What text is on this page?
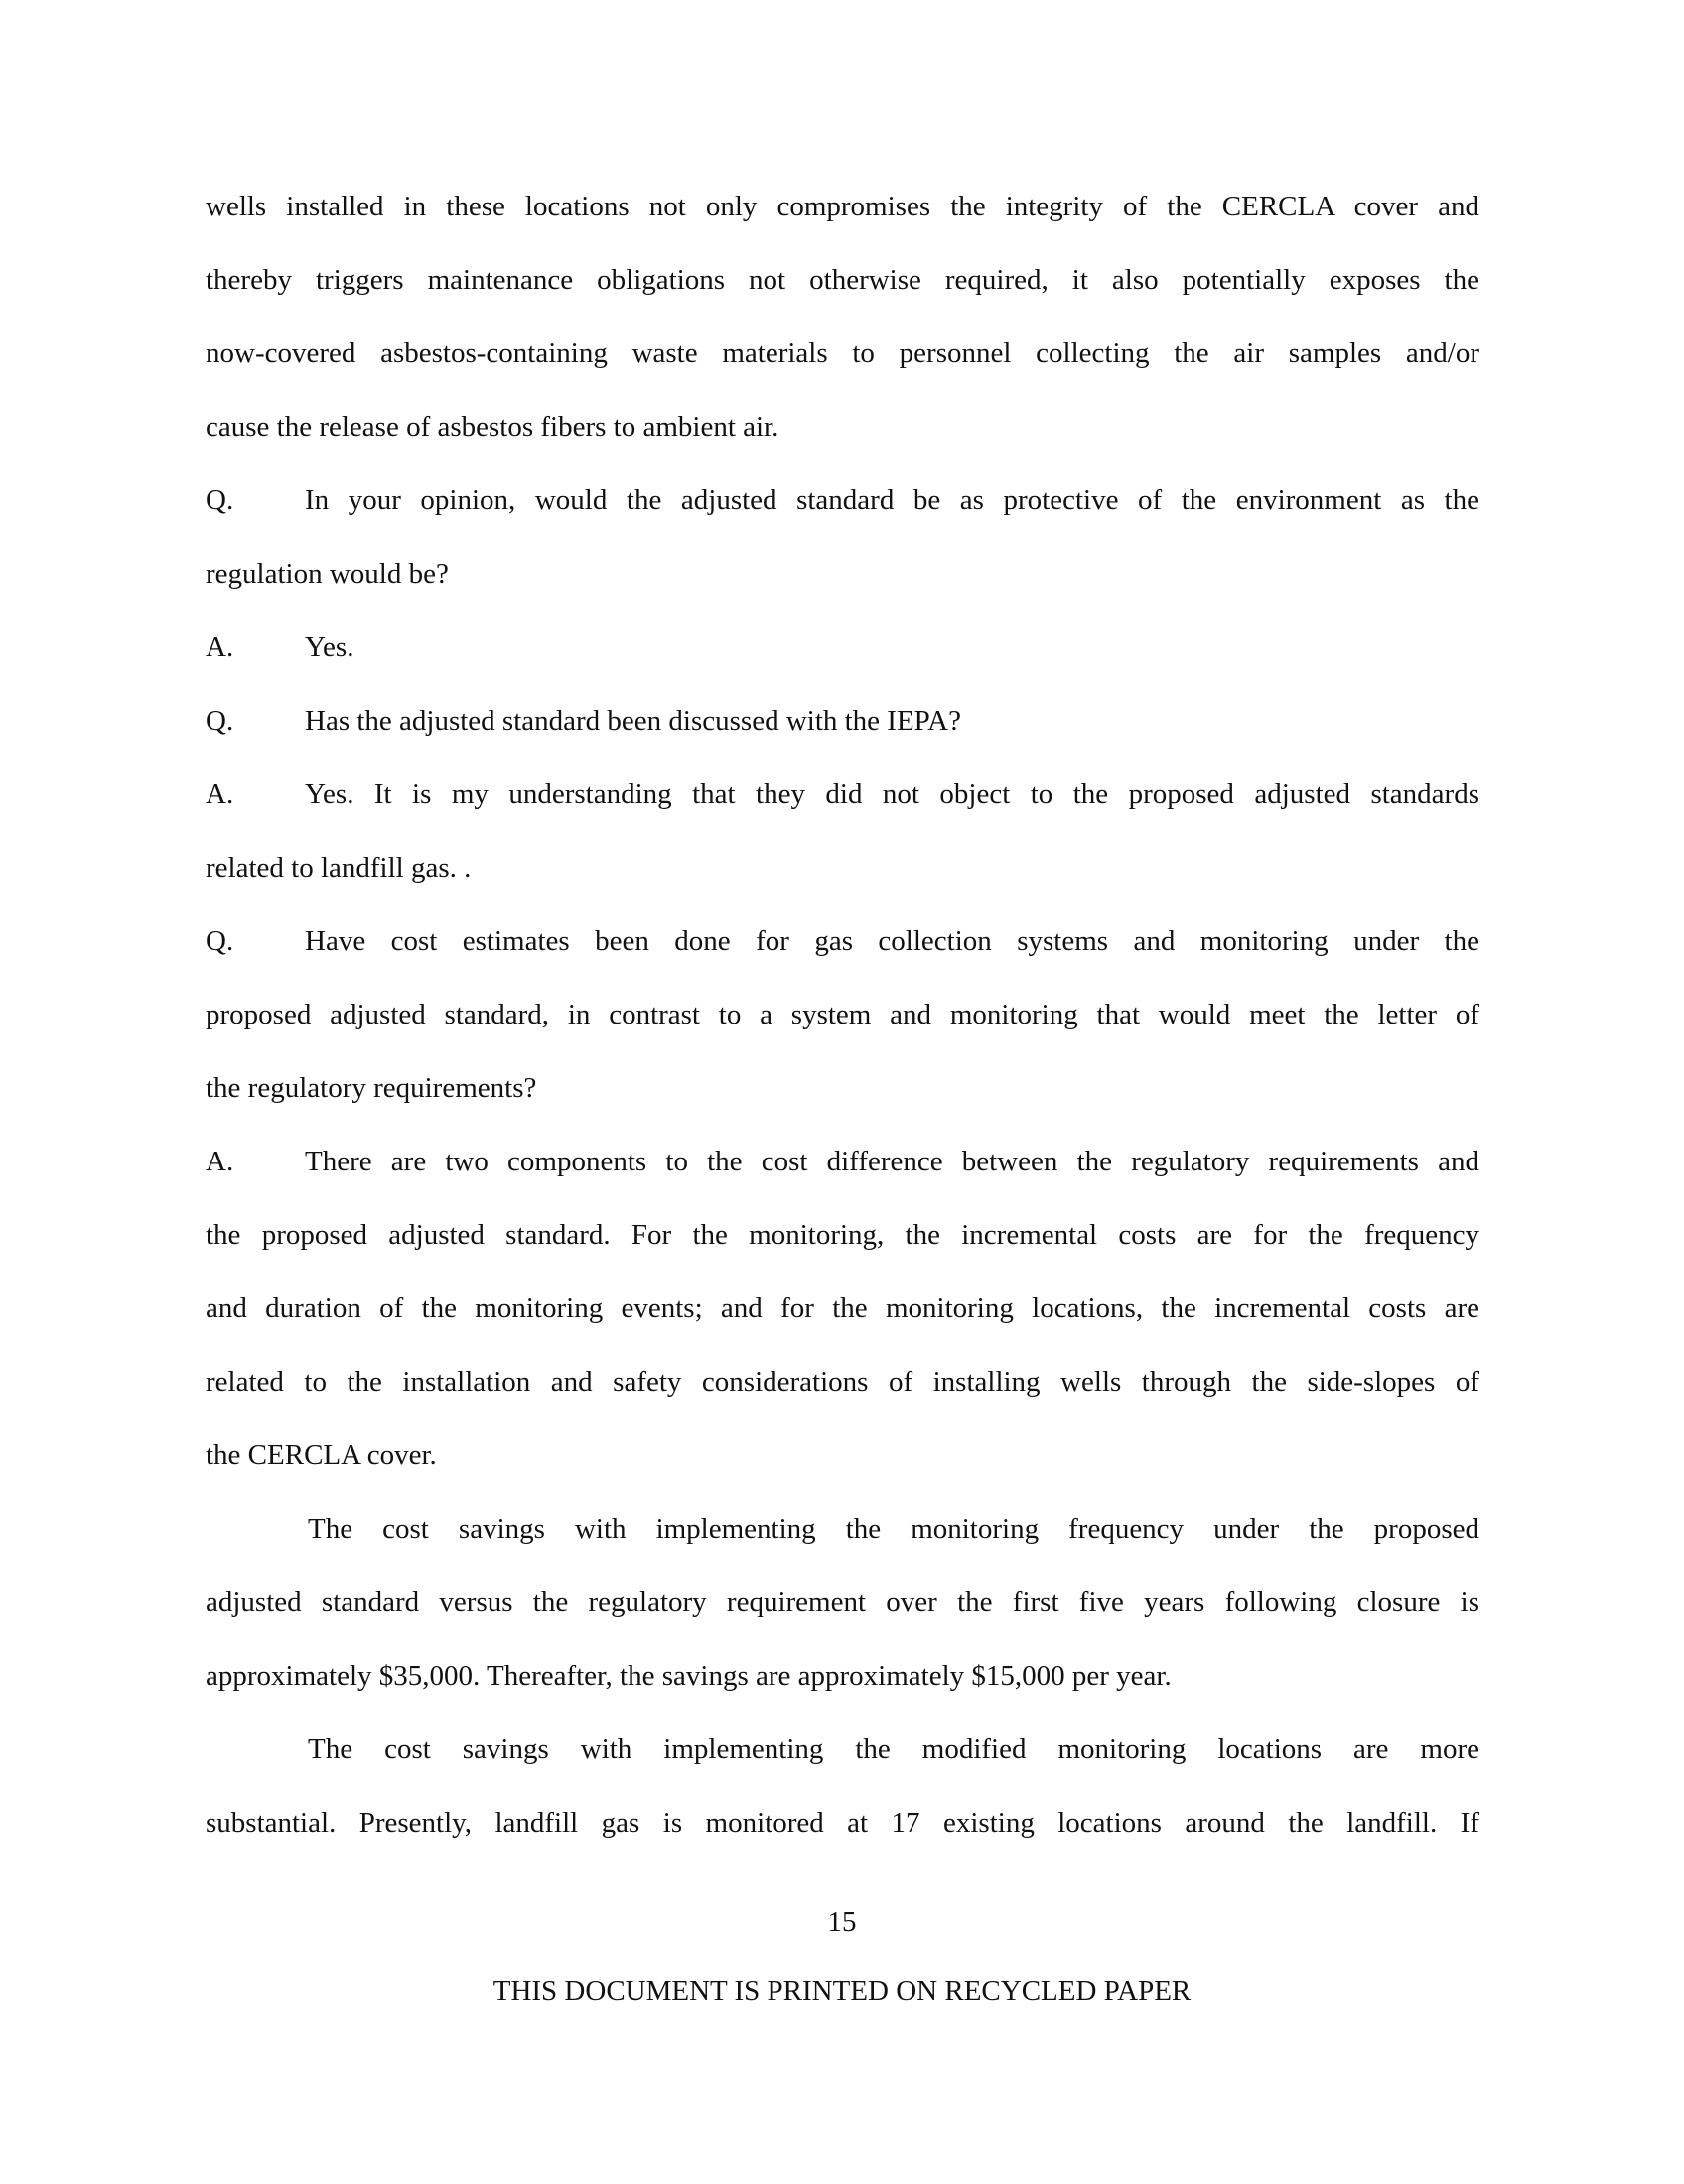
wells installed in these locations not only compromises the integrity of the CERCLA cover and
thereby triggers maintenance obligations not otherwise required, it also potentially exposes the
now-covered asbestos-containing waste materials to personnel collecting the air samples and/or
cause the release of asbestos fibers to ambient air.
Q. In your opinion, would the adjusted standard be as protective of the environment as the
regulation would be?
A. Yes.
Q. Has the adjusted standard been discussed with the IEPA?
A. Yes. It is my understanding that they did not object to the proposed adjusted standards
related to landfill gas. .
Q. Have cost estimates been done for gas collection systems and monitoring under the
proposed adjusted standard, in contrast to a system and monitoring that would meet the letter of
the regulatory requirements?
A. There are two components to the cost difference between the regulatory requirements and
the proposed adjusted standard. For the monitoring, the incremental costs are for the frequency
and duration of the monitoring events; and for the monitoring locations, the incremental costs are
related to the installation and safety considerations of installing wells through the side-slopes of
the CERCLA cover.
The cost savings with implementing the monitoring frequency under the proposed
adjusted standard versus the regulatory requirement over the first five years following closure is
approximately $35,000. Thereafter, the savings are approximately $15,000 per year.
The cost savings with implementing the modified monitoring locations are more
substantial. Presently, landfill gas is monitored at 17 existing locations around the landfill. If
15
THIS DOCUMENT IS PRINTED ON RECYCLED PAPER
